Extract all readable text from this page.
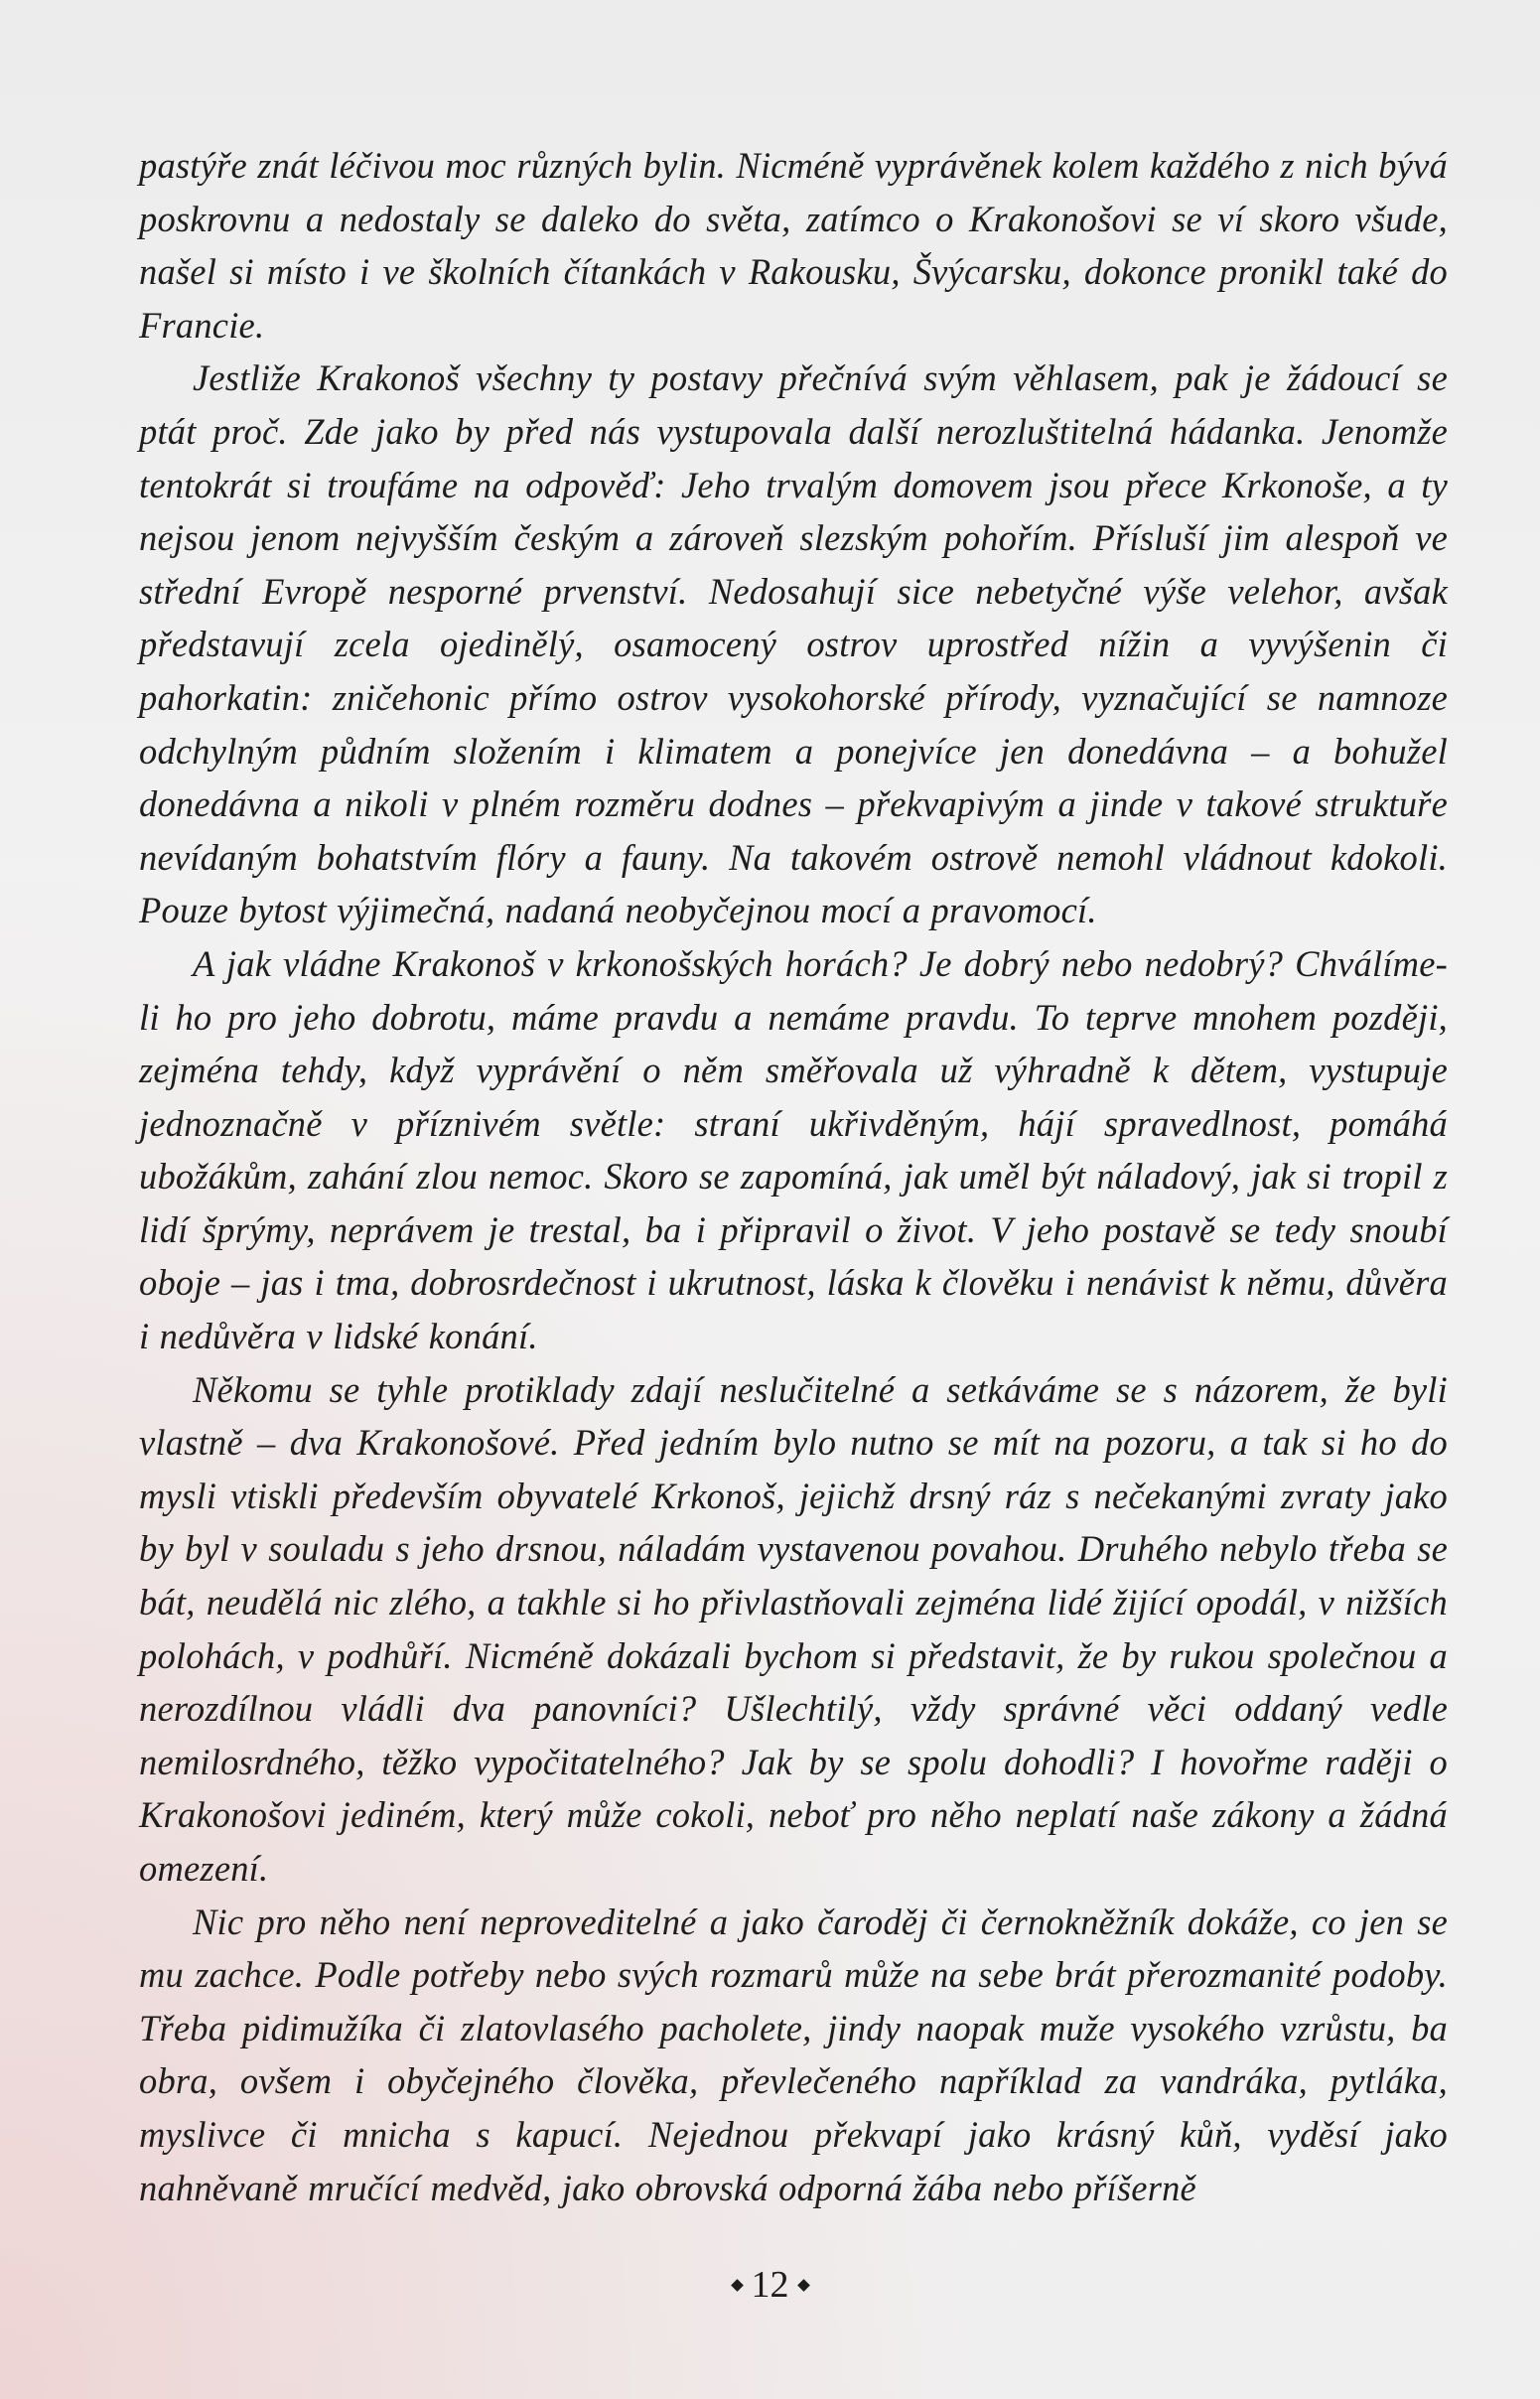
pastýře znát léčivou moc různých bylin. Nicméně vyprávěnek kolem každého z nich bývá poskrovnu a nedostaly se daleko do světa, zatímco o Krakonošovi se ví skoro všude, našel si místo i ve školních čítankách v Rakousku, Švýcarsku, dokonce pronikl také do Francie.

Jestliže Krakonoš všechny ty postavy přečnívá svým věhlasem, pak je žádoucí se ptát proč. Zde jako by před nás vystupovala další nerozluštitelná hádanka. Jenomže tentokrát si troufáme na odpověď: Jeho trvalým domovem jsou přece Krkonoše, a ty nejsou jenom nejvyšším českým a zároveň slezským pohořím. Přísluší jim alespoň ve střední Evropě nesporné prvenství. Nedosahují sice nebetyčné výše velehor, avšak představují zcela ojedinělý, osamocený ostrov uprostřed nížin a vyvýšenin či pahorkatin: zničehonic přímo ostrov vysokohorské přírody, vyznačující se namnoze odchylným půdním složením i klimatem a ponejvíce jen donedávna – a bohužel donedávna a nikoli v plném rozměru dodnes – překvapivým a jinde v takové struktuře nevídaným bohatstvím flóry a fauny. Na takovém ostrově nemohl vládnout kdokoli. Pouze bytost výjimečná, nadaná neobyčejnou mocí a pravomocí.

A jak vládne Krakonoš v krkonošských horách? Je dobrý nebo nedobrý? Chválíme-li ho pro jeho dobrotu, máme pravdu a nemáme pravdu. To teprve mnohem později, zejména tehdy, když vyprávění o něm směřovala už výhradně k dětem, vystupuje jednoznačně v příznivém světle: straní ukřivděným, hájí spravedlnost, pomáhá ubožákům, zahání zlou nemoc. Skoro se zapomíná, jak uměl být náladový, jak si tropil z lidí šprýmy, neprávem je trestal, ba i připravil o život. V jeho postavě se tedy snoubí oboje – jas i tma, dobrosrdečnost i ukrutnost, láska k člověku i nenávist k němu, důvěra i nedůvěra v lidské konání.

Někomu se tyhle protiklady zdají neslučitelné a setkáváme se s názorem, že byli vlastně – dva Krakonošové. Před jedním bylo nutno se mít na pozoru, a tak si ho do mysli vtiskli především obyvatelé Krkonoš, jejichž drsný ráz s nečekanými zvraty jako by byl v souladu s jeho drsnou, náladám vystavenou povahou. Druhého nebylo třeba se bát, neudělá nic zlého, a takhle si ho přivlastňovali zejména lidé žijící opodál, v nižších polohách, v podhůří. Nicméně dokázali bychom si představit, že by rukou společnou a nerozdílnou vládli dva panovníci? Ušlechtilý, vždy správné věci oddaný vedle nemilosrdného, těžko vypočitatelného? Jak by se spolu dohodli? I hovořme raději o Krakonošovi jediném, který může cokoli, neboť pro něho neplatí naše zákony a žádná omezení.

Nic pro něho není neproveditelné a jako čaroděj či černokněžník dokáže, co jen se mu zachce. Podle potřeby nebo svých rozmarů může na sebe brát přerozmanité podoby. Třeba pidimužíka či zlatovlasého pacholete, jindy naopak muže vysokého vzrůstu, ba obra, ovšem i obyčejného člověka, převlečeného například za vandráka, pytláka, myslivce či mnicha s kapucí. Nejednou překvapí jako krásný kůň, vyděsí jako nahněvaně mručící medvěd, jako obrovská odporná žába nebo příšerně

12
